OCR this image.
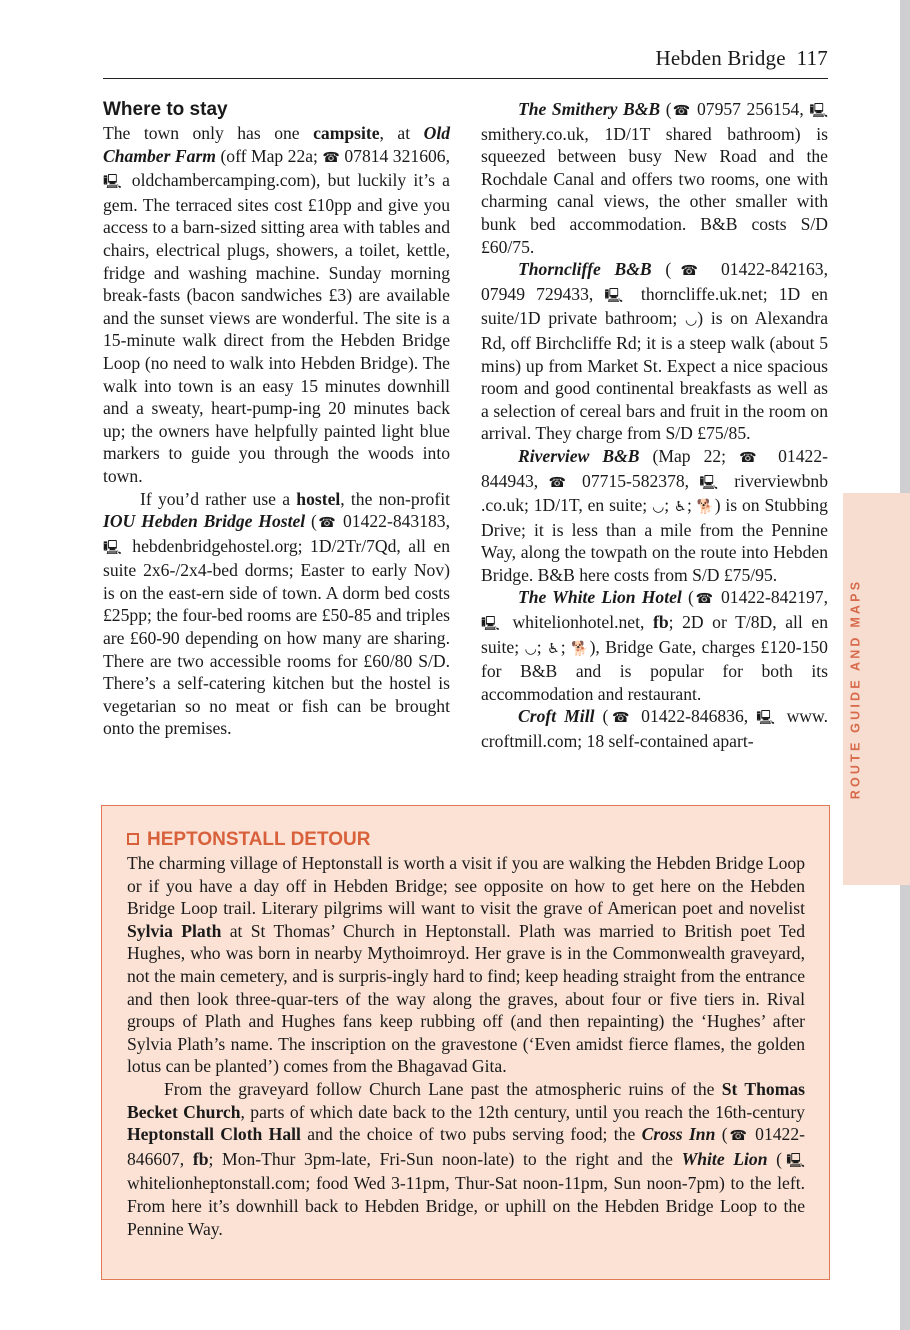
Hebden Bridge 117
Where to stay

The town only has one campsite, at Old Chamber Farm (off Map 22a; ☎ 07814 321606, 🖳 oldchambercamping.com), but luckily it’s a gem. The terraced sites cost £10pp and give you access to a barn-sized sitting area with tables and chairs, electrical plugs, showers, a toilet, kettle, fridge and washing machine. Sunday morning break-fasts (bacon sandwiches £3) are available and the sunset views are wonderful. The site is a 15-minute walk direct from the Hebden Bridge Loop (no need to walk into Hebden Bridge). The walk into town is an easy 15 minutes downhill and a sweaty, heart-pump-ing 20 minutes back up; the owners have helpfully painted light blue markers to guide you through the woods into town.

If you’d rather use a hostel, the non-profit IOU Hebden Bridge Hostel (☎ 01422-843183, 🖳 hebdenbridgehostel.org; 1D/2Tr/7Qd, all en suite 2x6-/2x4-bed dorms; Easter to early Nov) is on the east-ern side of town. A dorm bed costs £25pp; the four-bed rooms are £50-85 and triples are £60-90 depending on how many are sharing. There are two accessible rooms for £60/80 S/D. There’s a self-catering kitchen but the hostel is vegetarian so no meat or fish can be brought onto the premises.

The Smithery B&B (☎ 07957 256154, 🖳 smithery.co.uk, 1D/1T shared bathroom) is squeezed between busy New Road and the Rochdale Canal and offers two rooms, one with charming canal views, the other smaller with bunk bed accommodation. B&B costs S/D £60/75.

Thorncliffe B&B (☎ 01422-842163, 07949 729433, 🖳 thorncliffe.uk.net; 1D en suite/1D private bathroom; ◡) is on Alexandra Rd, off Birchcliffe Rd; it is a steep walk (about 5 mins) up from Market St. Expect a nice spacious room and good continental breakfasts as well as a selection of cereal bars and fruit in the room on arrival. They charge from S/D £75/85.

Riverview B&B (Map 22; ☎ 01422-844943, ☎ 07715-582378, 🖳 riverviewbnb .co.uk; 1D/1T, en suite; ◡; ♿; 🐕) is on Stubbing Drive; it is less than a mile from the Pennine Way, along the towpath on the route into Hebden Bridge. B&B here costs from S/D £75/95.

The White Lion Hotel (☎ 01422-842197, 🖳 whitelionhotel.net, fb; 2D or T/8D, all en suite; ◡; ♿; 🐕), Bridge Gate, charges £120-150 for B&B and is popular for both its accommodation and restaurant.

Croft Mill (☎ 01422-846836, 🖳 www. croftmill.com; 18 self-contained apart-	ROUTE GUIDE AND MAPS
HEPTONSTALL DETOUR

The charming village of Heptonstall is worth a visit if you are walking the Hebden Bridge Loop or if you have a day off in Hebden Bridge; see opposite on how to get here on the Hebden Bridge Loop trail. Literary pilgrims will want to visit the grave of American poet and novelist Sylvia Plath at St Thomas’ Church in Heptonstall. Plath was married to British poet Ted Hughes, who was born in nearby Mythoimroyd. Her grave is in the Commonwealth graveyard, not the main cemetery, and is surpris-ingly hard to find; keep heading straight from the entrance and then look three-quar-ters of the way along the graves, about four or five tiers in. Rival groups of Plath and Hughes fans keep rubbing off (and then repainting) the ‘Hughes’ after Sylvia Plath’s name. The inscription on the gravestone (‘Even amidst fierce flames, the golden lotus can be planted’) comes from the Bhagavad Gita.

From the graveyard follow Church Lane past the atmospheric ruins of the St Thomas Becket Church, parts of which date back to the 12th century, until you reach the 16th-century Heptonstall Cloth Hall and the choice of two pubs serving food; the Cross Inn (☎ 01422-846607, fb; Mon-Thur 3pm-late, Fri-Sun noon-late) to the right and the White Lion (🖳 whitelionheptonstall.com; food Wed 3-11pm, Thur-Sat noon-11pm, Sun noon-7pm) to the left. From here it’s downhill back to Hebden Bridge, or uphill on the Hebden Bridge Loop to the Pennine Way.
